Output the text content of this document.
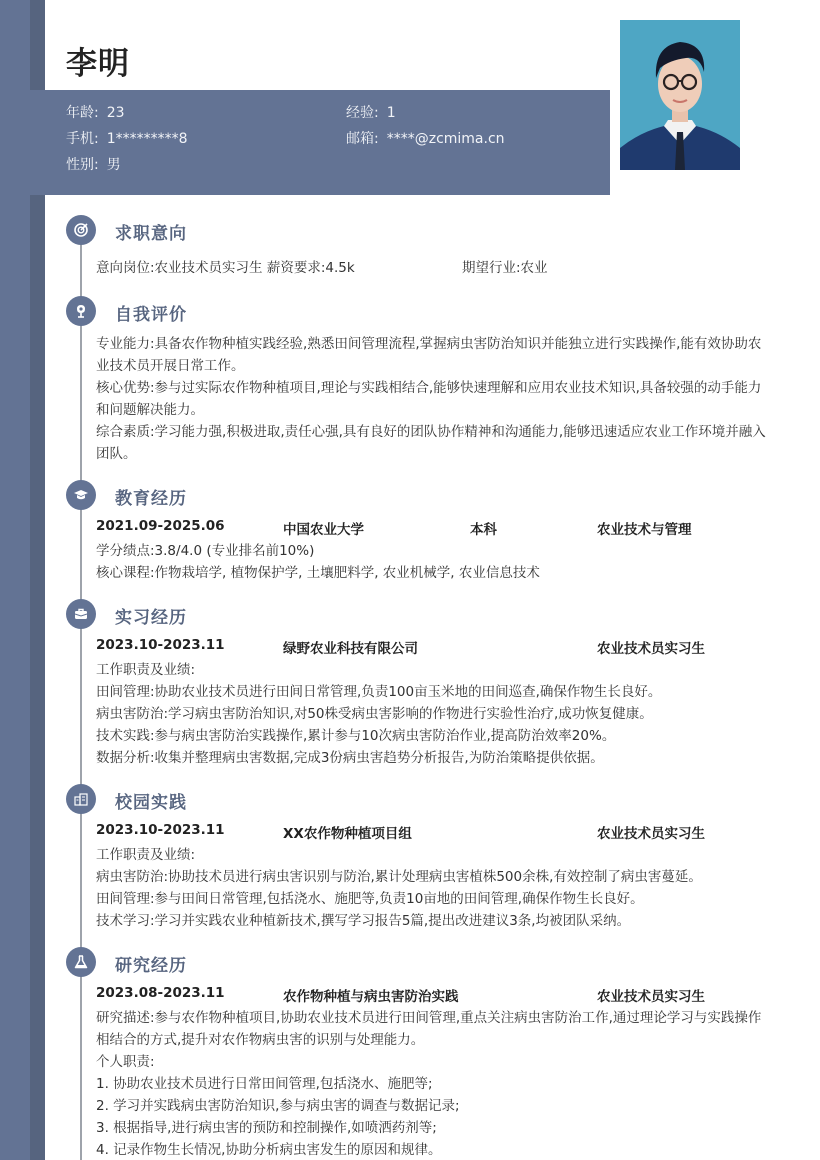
李明
年龄: 23	经验: 1
手机: 1*********8	邮箱: ****@zcmima.cn
性别: 男
求职意向
意向岗位:农业技术员实习生 薪资要求:4.5k	期望行业:农业
自我评价
专业能力:具备农作物种植实践经验,熟悉田间管理流程,掌握病虫害防治知识并能独立进行实践操作,能有效协助农业技术员开展日常工作。
核心优势:参与过实际农作物种植项目,理论与实践相结合,能够快速理解和应用农业技术知识,具备较强的动手能力和问题解决能力。
综合素质:学习能力强,积极进取,责任心强,具有良好的团队协作精神和沟通能力,能够迅速适应农业工作环境并融入团队。
教育经历
2021.09-2025.06	中国农业大学	本科	农业技术与管理
学分绩点:3.8/4.0 (专业排名前10%)
核心课程:作物栽培学, 植物保护学, 土壤肥料学, 农业机械学, 农业信息技术
实习经历
2023.10-2023.11	绿野农业科技有限公司	农业技术员实习生
工作职责及业绩:
田间管理:协助农业技术员进行田间日常管理,负责100亩玉米地的田间巡查,确保作物生长良好。
病虫害防治:学习病虫害防治知识,对50株受病虫害影响的作物进行实验性治疗,成功恢复健康。
技术实践:参与病虫害防治实践操作,累计参与10次病虫害防治作业,提高防治效率20%。
数据分析:收集并整理病虫害数据,完成3份病虫害趋势分析报告,为防治策略提供依据。
校园实践
2023.10-2023.11	XX农作物种植项目组	农业技术员实习生
工作职责及业绩:
病虫害防治:协助技术员进行病虫害识别与防治,累计处理病虫害植株500余株,有效控制了病虫害蔓延。
田间管理:参与田间日常管理,包括浇水、施肥等,负责10亩地的田间管理,确保作物生长良好。
技术学习:学习并实践农业种植新技术,撰写学习报告5篇,提出改进建议3条,均被团队采纳。
研究经历
2023.08-2023.11	农作物种植与病虫害防治实践	农业技术员实习生
研究描述:参与农作物种植项目,协助农业技术员进行田间管理,重点关注病虫害防治工作,通过理论学习与实践操作相结合的方式,提升对农作物病虫害的识别与处理能力。
个人职责:
1. 协助农业技术员进行日常田间管理,包括浇水、施肥等;
2. 学习并实践病虫害防治知识,参与病虫害的调查与数据记录;
3. 根据指导,进行病虫害的预防和控制操作,如喷洒药剂等;
4. 记录作物生长情况,协助分析病虫害发生的原因和规律。
